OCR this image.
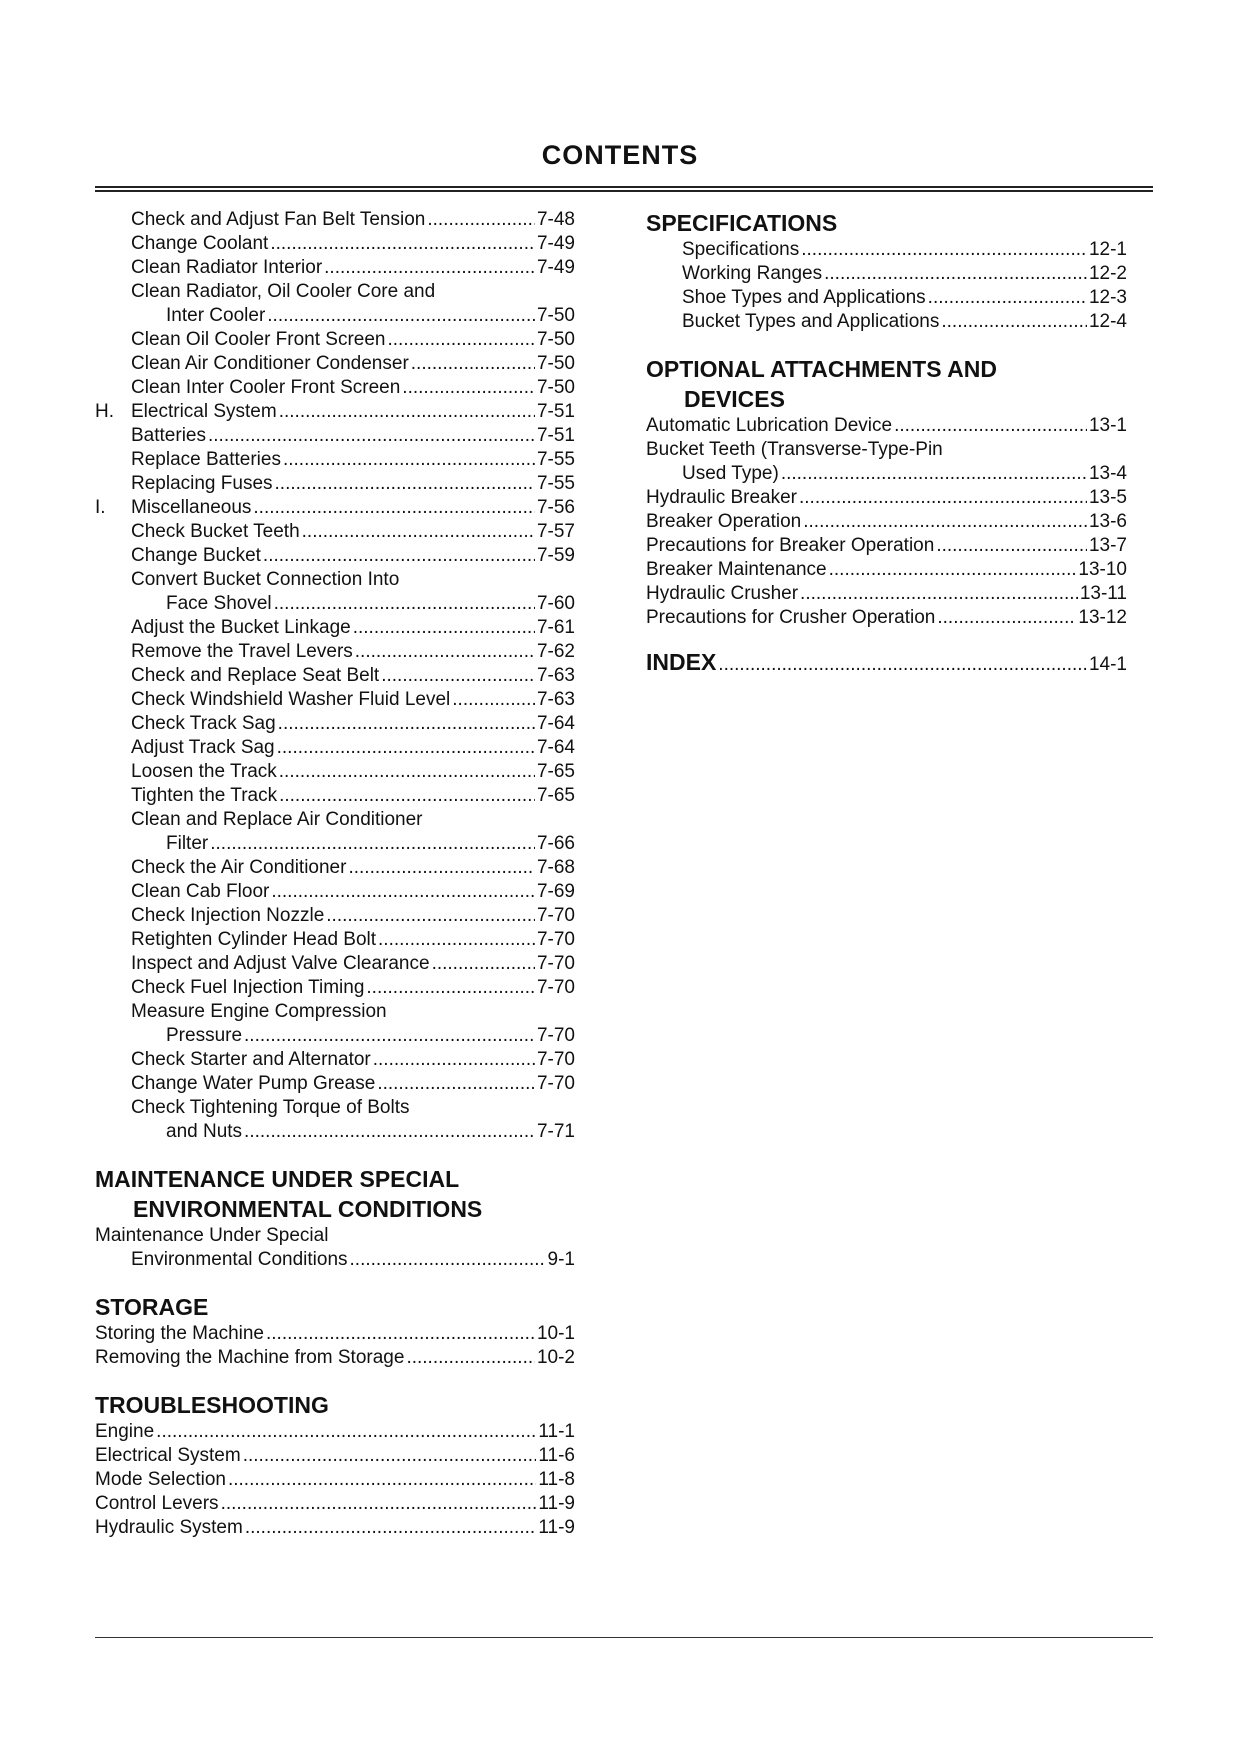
CONTENTS
Check and Adjust Fan Belt Tension .....	7-48
Change Coolant .....	7-49
Clean Radiator Interior .....	7-49
Clean Radiator, Oil Cooler Core and
Inter Cooler .....	7-50
Clean Oil Cooler Front Screen .....	7-50
Clean Air Conditioner Condenser .....	7-50
Clean Inter Cooler Front Screen .....	7-50
H. Electrical System .....	7-51
Batteries .....	7-51
Replace Batteries .....	7-55
Replacing Fuses .....	7-55
I.	Miscellaneous .....	7-56
Check Bucket Teeth .....	7-57
Change Bucket .....	7-59
Convert Bucket Connection Into
Face Shovel .....	7-60
Adjust the Bucket Linkage .....	7-61
Remove the Travel Levers .....	7-62
Check and Replace Seat Belt .....	7-63
Check Windshield Washer Fluid Level .....	7-63
Check Track Sag .....	7-64
Adjust Track Sag .....	7-64
Loosen the Track .....	7-65
Tighten the Track .....	7-65
Clean and Replace Air Conditioner
Filter .....	7-66
Check the Air Conditioner .....	7-68
Clean Cab Floor .....	7-69
Check Injection Nozzle .....	7-70
Retighten Cylinder Head Bolt .....	7-70
Inspect and Adjust Valve Clearance .....	7-70
Check Fuel Injection Timing .....	7-70
Measure Engine Compression
Pressure .....	7-70
Check Starter and Alternator .....	7-70
Change Water Pump Grease .....	7-70
Check Tightening Torque of Bolts
and Nuts .....	7-71
MAINTENANCE UNDER SPECIAL
ENVIRONMENTAL CONDITIONS
Maintenance Under Special
Environmental Conditions .....	9-1
STORAGE
Storing the Machine .....	10-1
Removing the Machine from Storage .....	10-2
TROUBLESHOOTING
Engine .....	11-1
Electrical System .....	11-6
Mode Selection .....	11-8
Control Levers .....	11-9
Hydraulic System .....	11-9
SPECIFICATIONS
Specifications .....	12-1
Working Ranges .....	12-2
Shoe Types and Applications .....	12-3
Bucket Types and Applications .....	12-4
OPTIONAL ATTACHMENTS AND
DEVICES
Automatic Lubrication Device .....	13-1
Bucket Teeth (Transverse-Type-Pin
Used Type) .....	13-4
Hydraulic Breaker .....	13-5
Breaker Operation .....	13-6
Precautions for Breaker Operation .....	13-7
Breaker Maintenance .....	13-10
Hydraulic Crusher .....	13-11
Precautions for Crusher Operation .....	13-12
INDEX .....	14-1
